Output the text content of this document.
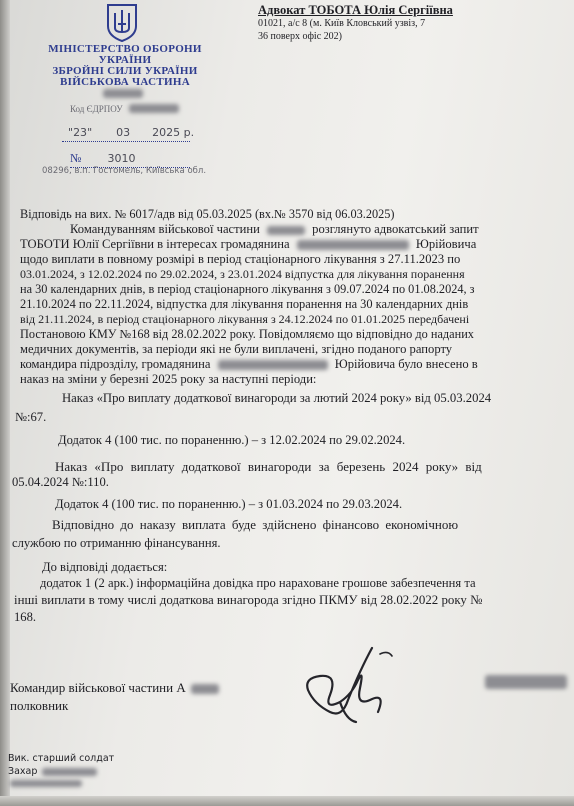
МІНІСТЕРСТВО ОБОРОНИ
УКРАЇНИ
ЗБРОЙНІ СИЛИ УКРАЇНИ
ВІЙСЬКОВА ЧАСТИНА
Код ЄДРПОУ
"23" 03 2025 р.
№ 3010
08296, в.п. Гостомель, Київська обл.
Адвокат ТОБОТА Юлія Сергіївна
01021, а/с 8 (м. Київ Кловський узвіз, 7
36 поверх офіс 202)
Відповідь на вих. № 6017/адв від 05.03.2025 (вх.№ 3570 від 06.03.2025)
Командуванням військової частини	розглянуто адвокатський запит
ТОБОТИ Юлії Сергіївни в інтересах громадянина	Юрійовича
щодо виплати в повному розмірі в період стаціонарного лікування з 27.11.2023 по
03.01.2024, з 12.02.2024 по 29.02.2024, з 23.01.2024 відпустка для лікування поранення
на 30 календарних днів, в період стаціонарного лікування з 09.07.2024 по 01.08.2024, з
21.10.2024 по 22.11.2024, відпустка для лікування поранення на 30 календарних днів
від 21.11.2024, в період стаціонарного лікування з 24.12.2024 по 01.01.2025 передбачені
Постановою КМУ №168 від 28.02.2022 року. Повідомляємо що відповідно до наданих
медичних документів, за періоди які не були виплачені, згідно поданого рапорту
командира підрозділу, громадянина	Юрійовича було внесено в
наказ на зміни у березні 2025 року за наступні періоди:
Наказ «Про виплату додаткової винагороди за лютий 2024 року» від 05.03.2024
№:67.
Додаток 4 (100 тис. по пораненню.) – з 12.02.2024 по 29.02.2024.
Наказ «Про виплату додаткової винагороди за березень 2024 року» від
05.04.2024 №:110.
Додаток 4 (100 тис. по пораненню.) – з 01.03.2024 по 29.03.2024.
Відповідно до наказу виплата буде здійснено фінансово економічною
службою по отриманню фінансування.
До відповіді додається:
додаток 1 (2 арк.) інформаційна довідка про нараховане грошове забезпечення та
інші виплати в тому числі додаткова винагорода згідно ПКМУ від 28.02.2022 року №
168.
Командир військової частини А
полковник
Вик. старший солдат
Захар
